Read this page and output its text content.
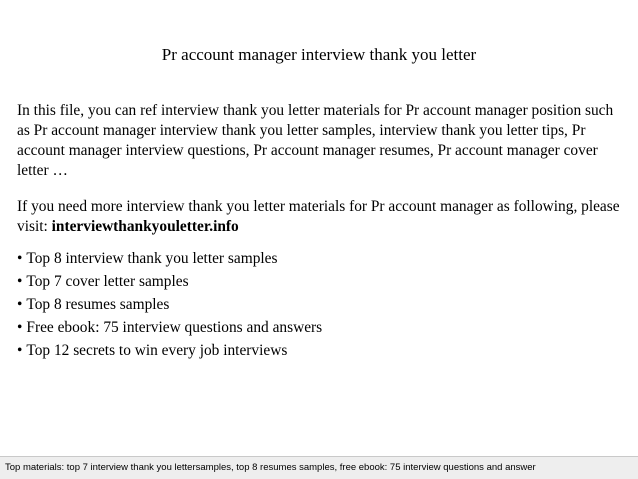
Pr account manager interview thank you letter

In this file, you can ref interview thank you letter materials for Pr account manager position such as Pr account manager interview thank you letter samples, interview thank you letter tips, Pr account manager interview questions, Pr account manager resumes, Pr account manager cover letter …

If you need more interview thank you letter materials for Pr account manager as following, please visit: interviewthankyouletter.info

• Top 8 interview thank you letter samples
• Top 7 cover letter samples
• Top 8 resumes samples
• Free ebook: 75 interview questions and answers
• Top 12 secrets to win every job interviews
Top materials: top 7 interview thank you lettersamples, top 8 resumes samples, free ebook: 75 interview questions and answer
